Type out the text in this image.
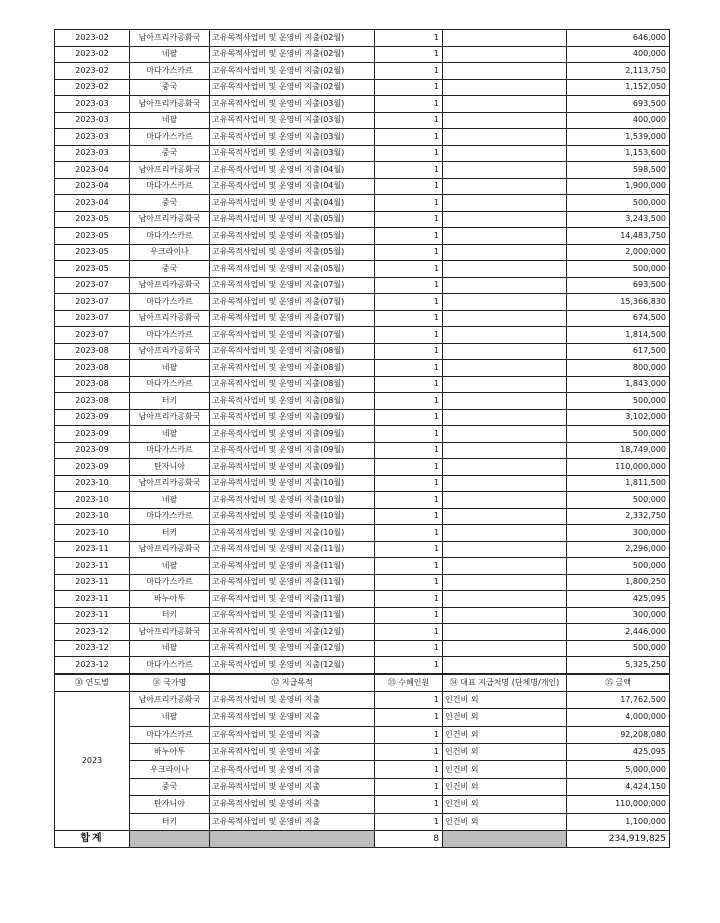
2023-02	남아프리카공화국	고유목적사업비 및 운영비 지출(02월)	1		646,000
2023-02	네팔	고유목적사업비 및 운영비 지출(02월)	1		400,000
2023-02	마다가스카르	고유목적사업비 및 운영비 지출(02월)	1		2,113,750
2023-02	중국	고유목적사업비 및 운영비 지출(02월)	1		1,152,050
2023-03	남아프리카공화국	고유목적사업비 및 운영비 지출(03월)	1		693,500
2023-03	네팔	고유목적사업비 및 운영비 지출(03월)	1		400,000
2023-03	마다가스카르	고유목적사업비 및 운영비 지출(03월)	1		1,539,000
2023-03	중국	고유목적사업비 및 운영비 지출(03월)	1		1,153,600
2023-04	남아프리카공화국	고유목적사업비 및 운영비 지출(04월)	1		598,500
2023-04	마다가스카르	고유목적사업비 및 운영비 지출(04월)	1		1,900,000
2023-04	중국	고유목적사업비 및 운영비 지출(04월)	1		500,000
2023-05	남아프리카공화국	고유목적사업비 및 운영비 지출(05월)	1		3,243,500
2023-05	마다가스카르	고유목적사업비 및 운영비 지출(05월)	1		14,483,750
2023-05	우크라이나	고유목적사업비 및 운영비 지출(05월)	1		2,000,000
2023-05	중국	고유목적사업비 및 운영비 지출(05월)	1		500,000
2023-07	남아프리카공화국	고유목적사업비 및 운영비 지출(07월)	1		693,500
2023-07	마다가스카르	고유목적사업비 및 운영비 지출(07월)	1		15,366,830
2023-07	남아프리카공화국	고유목적사업비 및 운영비 지출(07월)	1		674,500
2023-07	마다가스카르	고유목적사업비 및 운영비 지출(07월)	1		1,814,500
2023-08	남아프리카공화국	고유목적사업비 및 운영비 지출(08월)	1		617,500
2023-08	네팔	고유목적사업비 및 운영비 지출(08월)	1		800,000
2023-08	마다가스카르	고유목적사업비 및 운영비 지출(08월)	1		1,843,000
2023-08	터키	고유목적사업비 및 운영비 지출(08월)	1		500,000
2023-09	남아프리카공화국	고유목적사업비 및 운영비 지출(09월)	1		3,102,000
2023-09	네팔	고유목적사업비 및 운영비 지출(09월)	1		500,000
2023-09	마다가스카르	고유목적사업비 및 운영비 지출(09월)	1		18,749,000
2023-09	탄자니아	고유목적사업비 및 운영비 지출(09월)	1		110,000,000
2023-10	남아프리카공화국	고유목적사업비 및 운영비 지출(10월)	1		1,811,500
2023-10	네팔	고유목적사업비 및 운영비 지출(10월)	1		500,000
2023-10	마다가스카르	고유목적사업비 및 운영비 지출(10월)	1		2,332,750
2023-10	터키	고유목적사업비 및 운영비 지출(10월)	1		300,000
2023-11	남아프리카공화국	고유목적사업비 및 운영비 지출(11월)	1		2,296,000
2023-11	네팔	고유목적사업비 및 운영비 지출(11월)	1		500,000
2023-11	마다가스카르	고유목적사업비 및 운영비 지출(11월)	1		1,800,250
2023-11	바누아투	고유목적사업비 및 운영비 지출(11월)	1		425,095
2023-11	터키	고유목적사업비 및 운영비 지출(11월)	1		300,000
2023-12	남아프리카공화국	고유목적사업비 및 운영비 지출(12월)	1		2,446,000
2023-12	네팔	고유목적사업비 및 운영비 지출(12월)	1		500,000
2023-12	마다가스카르	고유목적사업비 및 운영비 지출(12월)	1		5,325,250
㉚ 연도별	㉛ 국가명	㉜ 지급목적	㉝ 수혜인원	㉞ 대표 지급처명 (단체명/개인)	㉟ 금액
2023	남아프리카공화국	고유목적사업비 및 운영비 지출	1	인건비 외	17,762,500
	네팔	고유목적사업비 및 운영비 지출	1	인건비 외	4,000,000
	마다가스카르	고유목적사업비 및 운영비 지출	1	인건비 외	92,208,080
	바누아투	고유목적사업비 및 운영비 지출	1	인건비 외	425,095
	우크라이나	고유목적사업비 및 운영비 지출	1	인건비 외	5,000,000
	중국	고유목적사업비 및 운영비 지출	1	인건비 외	4,424,150
	탄자니아	고유목적사업비 및 운영비 지출	1	인건비 외	110,000,000
	터키	고유목적사업비 및 운영비 지출	1	인건비 외	1,100,000
합계			8		234,919,825
